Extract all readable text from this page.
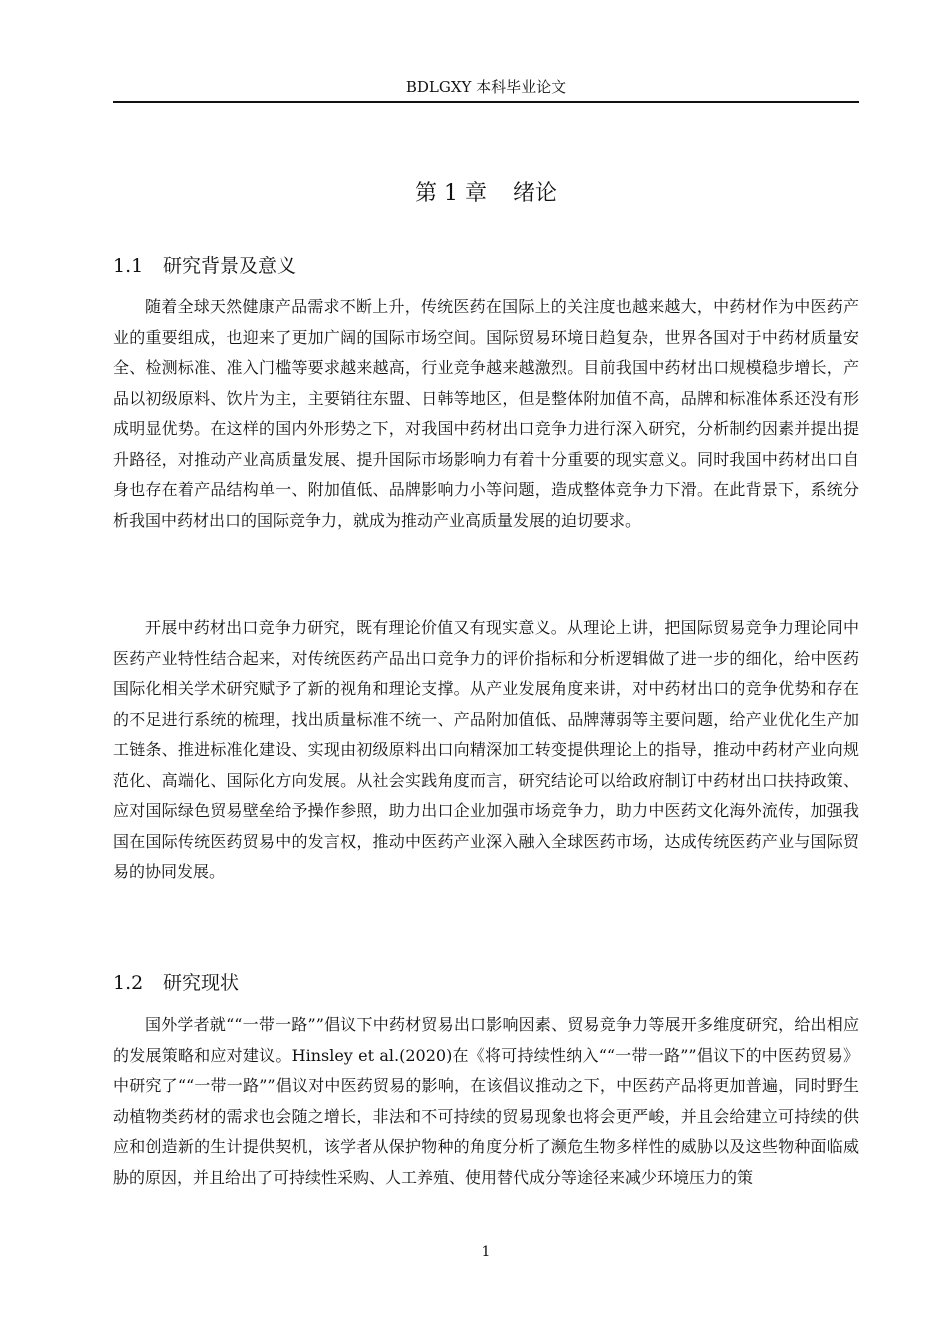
BDLGXY 本科毕业论文
第 1 章 绪论
1.1 研究背景及意义

随着全球天然健康产品需求不断上升，传统医药在国际上的关注度也越来越大，中药材作为中医药产业的重要组成，也迎来了更加广阔的国际市场空间。国际贸易环境日趋复杂，世界各国对于中药材质量安全、检测标准、准入门槛等要求越来越高，行业竞争越来越激烈。目前我国中药材出口规模稳步增长，产品以初级原料、饮片为主，主要销往东盟、日韩等地区，但是整体附加值不高，品牌和标准体系还没有形成明显优势。在这样的国内外形势之下，对我国中药材出口竞争力进行深入研究，分析制约因素并提出提升路径，对推动产业高质量发展、提升国际市场影响力有着十分重要的现实意义。同时我国中药材出口自身也存在着产品结构单一、附加值低、品牌影响力小等问题，造成整体竞争力下滑。在此背景下，系统分析我国中药材出口的国际竞争力，就成为推动产业高质量发展的迫切要求。

开展中药材出口竞争力研究，既有理论价值又有现实意义。从理论上讲，把国际贸易竞争力理论同中医药产业特性结合起来，对传统医药产品出口竞争力的评价指标和分析逻辑做了进一步的细化，给中医药国际化相关学术研究赋予了新的视角和理论支撑。从产业发展角度来讲，对中药材出口的竞争优势和存在的不足进行系统的梳理，找出质量标准不统一、产品附加值低、品牌薄弱等主要问题，给产业优化生产加工链条、推进标准化建设、实现由初级原料出口向精深加工转变提供理论上的指导，推动中药材产业向规范化、高端化、国际化方向发展。从社会实践角度而言，研究结论可以给政府制订中药材出口扶持政策、应对国际绿色贸易壁垒给予操作参照，助力出口企业加强市场竞争力，助力中医药文化海外流传，加强我国在国际传统医药贸易中的发言权，推动中医药产业深入融入全球医药市场，达成传统医药产业与国际贸易的协同发展。

1.2 研究现状

国外学者就““一带一路””倡议下中药材贸易出口影响因素、贸易竞争力等展开多维度研究，给出相应的发展策略和应对建议。Hinsley et al.(2020)在《将可持续性纳入““一带一路””倡议下的中医药贸易》中研究了““一带一路””倡议对中医药贸易的影响，在该倡议推动之下，中医药产品将更加普遍，同时野生动植物类药材的需求也会随之增长，非法和不可持续的贸易现象也将会更严峻，并且会给建立可持续的供应和创造新的生计提供契机，该学者从保护物种的角度分析了濒危生物多样性的威胁以及这些物种面临威胁的原因，并且给出了可持续性采购、人工养殖、使用替代成分等途径来减少环境压力的策

1
